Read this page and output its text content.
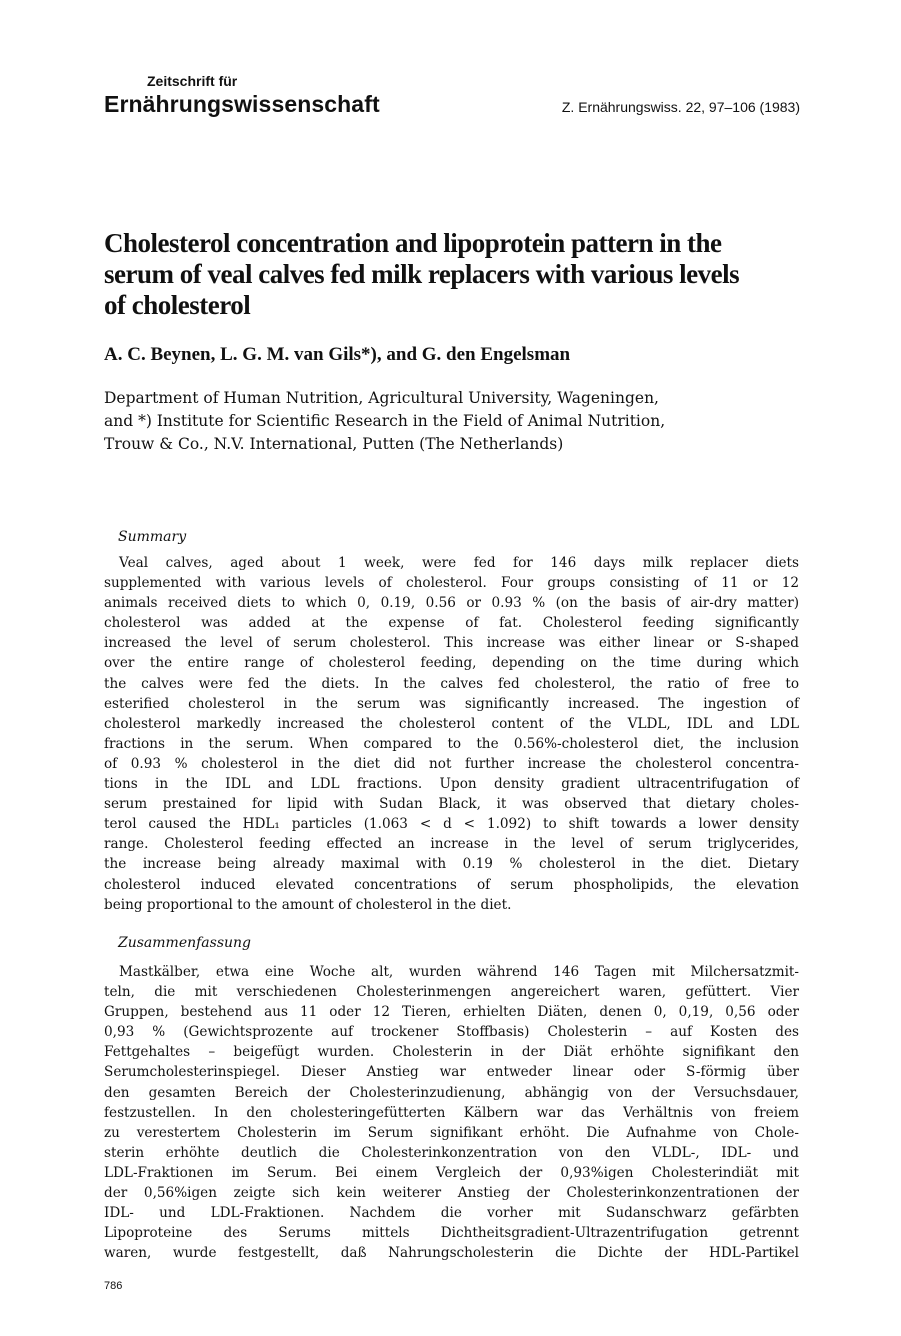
Zeitschrift für

Ernährungswissenschaft	Z. Ernährungswiss. 22, 97–106 (1983)

Cholesterol concentration and lipoprotein pattern in the
serum of veal calves fed milk replacers with various levels
of cholesterol

A. C. Beynen, L. G. M. van Gils*), and G. den Engelsman

Department of Human Nutrition, Agricultural University, Wageningen,

and *) Institute for Scientific Research in the Field of Animal Nutrition,

Trouw & Co., N.V. International, Putten (The Netherlands)

Summary

Veal calves, aged about 1 week, were fed for 146 days milk replacer diets
supplemented with various levels of cholesterol. Four groups consisting of 11 or 12
animals received diets to which 0, 0.19, 0.56 or 0.93 % (on the basis of air-dry matter)
cholesterol was added at the expense of fat. Cholesterol feeding significantly
increased the level of serum cholesterol. This increase was either linear or S-shaped
over the entire range of cholesterol feeding, depending on the time during which
the calves were fed the diets. In the calves fed cholesterol, the ratio of free to
esterified cholesterol in the serum was significantly increased. The ingestion of
cholesterol markedly increased the cholesterol content of the VLDL, IDL and LDL
fractions in the serum. When compared to the 0.56%-cholesterol diet, the inclusion
of 0.93 % cholesterol in the diet did not further increase the cholesterol concentra-
tions in the IDL and LDL fractions. Upon density gradient ultracentrifugation of
serum prestained for lipid with Sudan Black, it was observed that dietary choles-
terol caused the HDL₁ particles (1.063 < d < 1.092) to shift towards a lower density
range. Cholesterol feeding effected an increase in the level of serum triglycerides,
the increase being already maximal with 0.19 % cholesterol in the diet. Dietary
cholesterol induced elevated concentrations of serum phospholipids, the elevation
being proportional to the amount of cholesterol in the diet.

Zusammenfassung

Mastkälber, etwa eine Woche alt, wurden während 146 Tagen mit Milchersatzmit-
teln, die mit verschiedenen Cholesterinmengen angereichert waren, gefüttert. Vier
Gruppen, bestehend aus 11 oder 12 Tieren, erhielten Diäten, denen 0, 0,19, 0,56 oder
0,93 % (Gewichtsprozente auf trockener Stoffbasis) Cholesterin – auf Kosten des
Fettgehaltes – beigefügt wurden. Cholesterin in der Diät erhöhte signifikant den
Serumcholesterinspiegel. Dieser Anstieg war entweder linear oder S-förmig über
den gesamten Bereich der Cholesterinzudienung, abhängig von der Versuchsdauer,
festzustellen. In den cholesteringefütterten Kälbern war das Verhältnis von freiem
zu verestertem Cholesterin im Serum signifikant erhöht. Die Aufnahme von Chole-
sterin erhöhte deutlich die Cholesterinkonzentration von den VLDL-, IDL- und
LDL-Fraktionen im Serum. Bei einem Vergleich der 0,93%igen Cholesterindiät mit
der 0,56%igen zeigte sich kein weiterer Anstieg der Cholesterinkonzentrationen der
IDL- und LDL-Fraktionen. Nachdem die vorher mit Sudanschwarz gefärbten
Lipoproteine des Serums mittels Dichtheitsgradient-Ultrazentrifugation getrennt
waren, wurde festgestellt, daß Nahrungscholesterin die Dichte der HDL-Partikel

786
